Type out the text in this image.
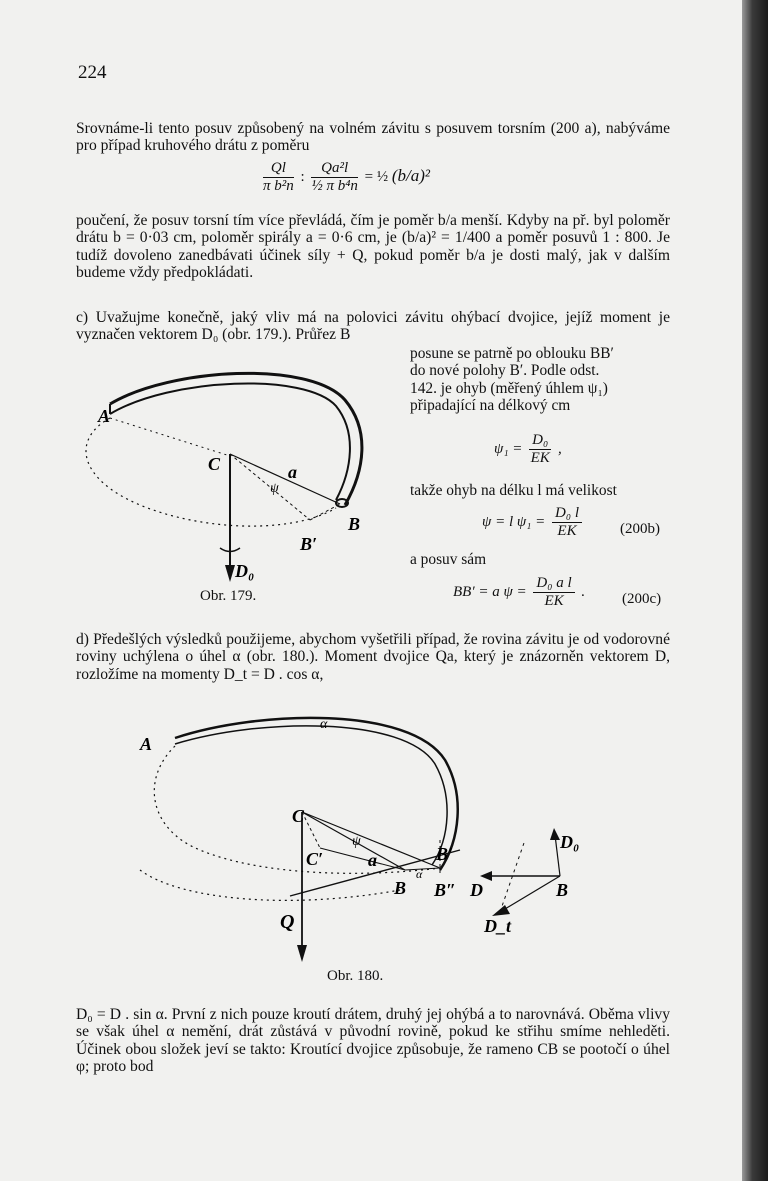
224
Srovnáme-li tento posuv způsobený na volném závitu s posuvem torsním (200 a), nabýváme pro případ kruhového drátu z poměru
$\frac{Ql}{\text{π b²n}}$ : $\frac{\text{Qa²l}}{\text{½ π b⁴n}}$ = ½ (b/a)²
poučení, že posuv torsní tím více převládá, čím je poměr b/a menší. Kdyby na př. byl poloměr drátu b = 0·03 cm, poloměr spirály a = 0·6 cm, je (b/a)² = 1/400 a poměr posuvů 1 : 800. Je tudíž dovoleno zanedbávati účinek síly + Q, pokud poměr b/a je dosti malý, jak v dalším budeme vždy předpokládati.
c) Uvažujme konečně, jaký vliv má na polovici závitu ohýbací dvojice, jejíž moment je vyznačen vektorem D₀ (obr. 179.). Průřez B
posune se patrně po oblouku BB′
do nové polohy B′. Podle odst.
142. je ohyb (měřený úhlem ψ₁)
připadající na délkový cm
$\psi_1 = \frac{\text{D₀}}{EK}$ ,
takže ohyb na délku l má velikost
ψ = l $\psi_1 = \frac{\text{D₀ l}}{EK}$	(200b)
a posuv sám
BB′ = a $\psi = \frac{\text{D₀ a l}}{EK}$ . (200c)
A
C	a
ψ
B
B′
D₀
Obr. 179.
d) Předešlých výsledků použijeme, abychom vyšetřili případ, že rovina závitu je od vodorovné roviny uchýlena o úhel α (obr. 180.). Moment dvojice Qa, který je znázorněn vektorem D, rozložíme na momenty D_t = D . cos α,
α
C
C′ a
ψ
B′
B B″
α
Q
A
D₀
D	B
D_t
Obr. 180.
D₀ = D . sin α. První z nich pouze kroutí drátem, druhý jej ohýbá a to narovnává. Oběma vlivy se však úhel α nemění, drát zůstává v původní rovině, pokud ke střihu smíme nehleděti. Účinek obou složek jeví se takto: Kroutící dvojice způsobuje, že rameno CB se pootočí o úhel φ; proto bod
